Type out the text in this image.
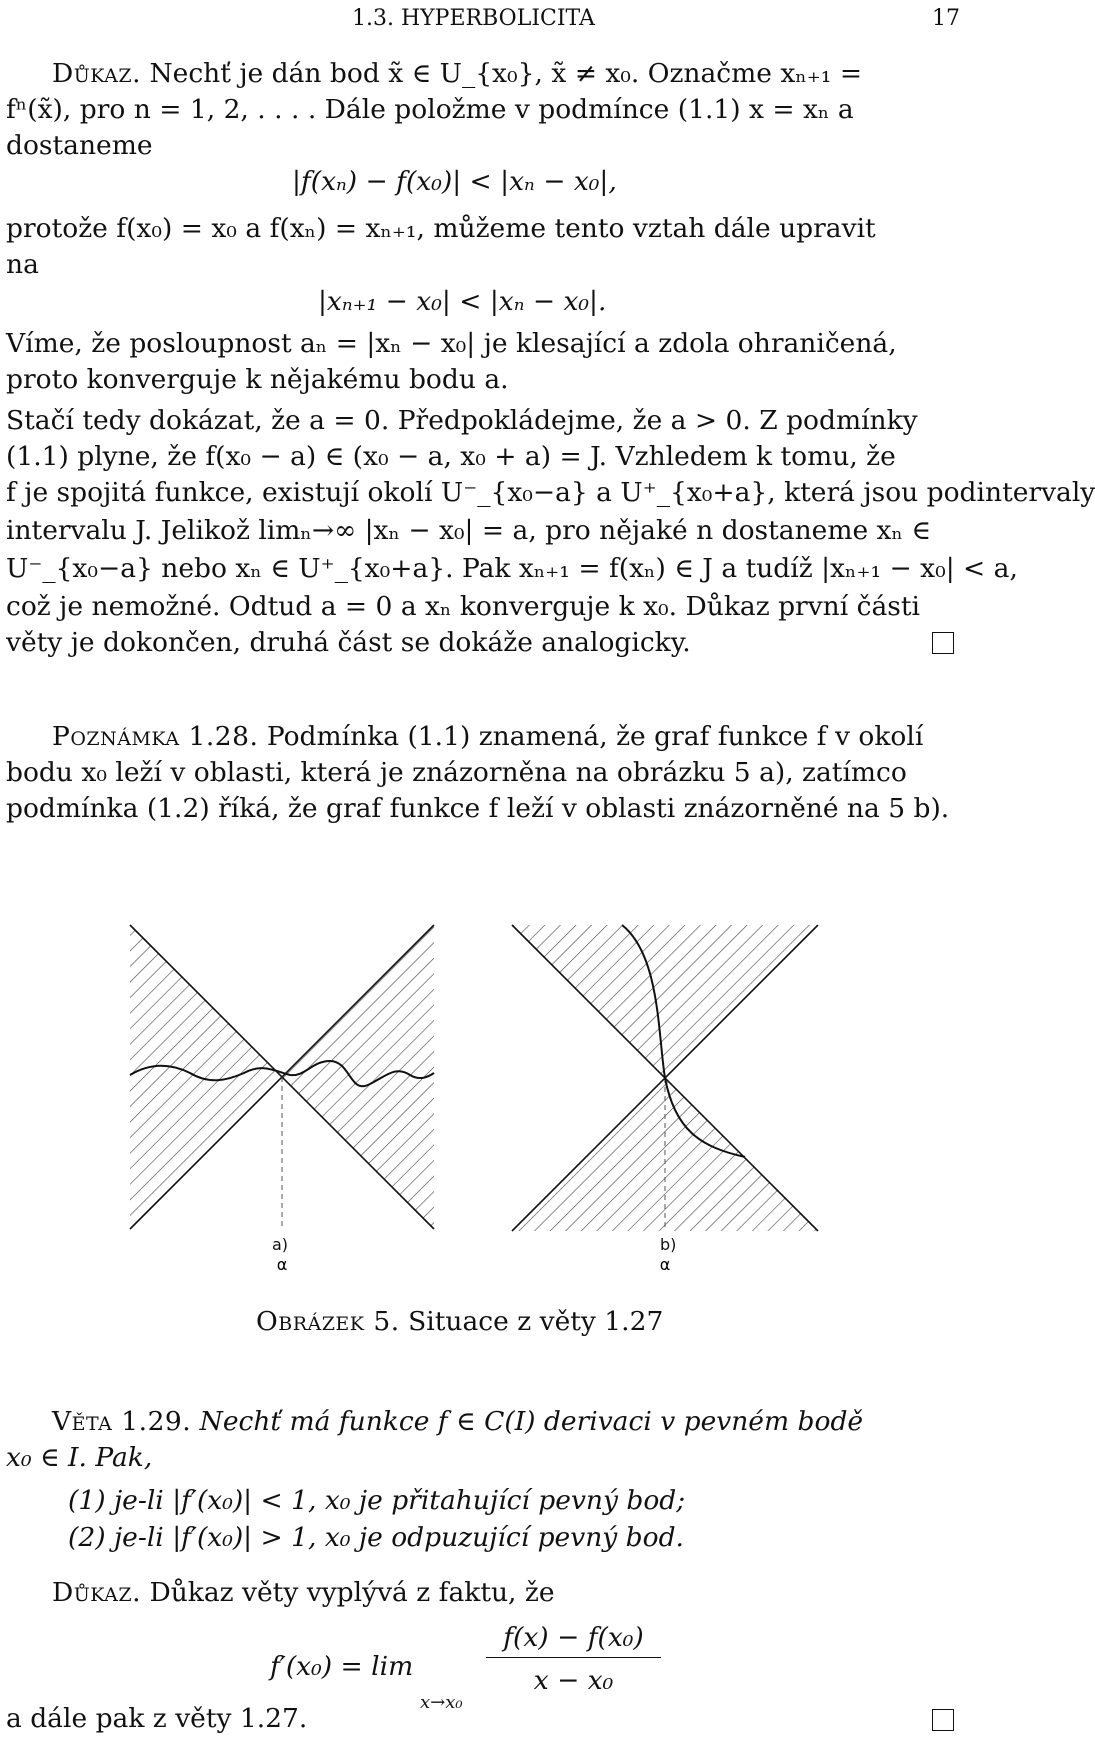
1.3. HYPERBOLICITA	17
Důkaz. Nechť je dán bod x̃ ∈ U_{x₀}, x̃ ≠ x₀. Označme xₙ₊₁ =
fⁿ(x̃), pro n = 1, 2, . . . . Dále položme v podmínce (1.1) x = xₙ a
dostaneme
|f(xₙ) − f(x₀)| < |xₙ − x₀|,
protože f(x₀) = x₀ a f(xₙ) = xₙ₊₁, můžeme tento vztah dále upravit
na
|xₙ₊₁ − x₀| < |xₙ − x₀|.
Víme, že posloupnost aₙ = |xₙ − x₀| je klesající a zdola ohraničená,
proto konverguje k nějakému bodu a.
Stačí tedy dokázat, že a = 0. Předpokládejme, že a > 0. Z podmínky
(1.1) plyne, že f(x₀ − a) ∈ (x₀ − a, x₀ + a) = J. Vzhledem k tomu, že
f je spojitá funkce, existují okolí U⁻_{x₀−a} a U⁺_{x₀+a}, která jsou podintervaly
intervalu J. Jelikož limₙ→∞ |xₙ − x₀| = a, pro nějaké n dostaneme xₙ ∈
U⁻_{x₀−a} nebo xₙ ∈ U⁺_{x₀+a}. Pak xₙ₊₁ = f(xₙ) ∈ J a tudíž |xₙ₊₁ − x₀| < a,
což je nemožné. Odtud a = 0 a xₙ konverguje k x₀. Důkaz první části
věty je dokončen, druhá část se dokáže analogicky.
Poznámka 1.28. Podmínka (1.1) znamená, že graf funkce f v okolí
bodu x₀ leží v oblasti, která je znázorněna na obrázku 5 a), zatímco
podmínka (1.2) říká, že graf funkce f leží v oblasti znázorněné na 5 b).
α	α
a)	b)
Obrázek 5. Situace z věty 1.27
Věta 1.29. Nechť má funkce f ∈ C(I) derivaci v pevném bodě
x₀ ∈ I. Pak,
(1) je-li |f′(x₀)| < 1, x₀ je přitahující pevný bod;
(2) je-li |f′(x₀)| > 1, x₀ je odpuzující pevný bod.
Důkaz. Důkaz věty vyplývá z faktu, že
f′(x₀) = lim
x→x₀
f(x) − f(x₀)
x − x₀
a dále pak z věty 1.27.
